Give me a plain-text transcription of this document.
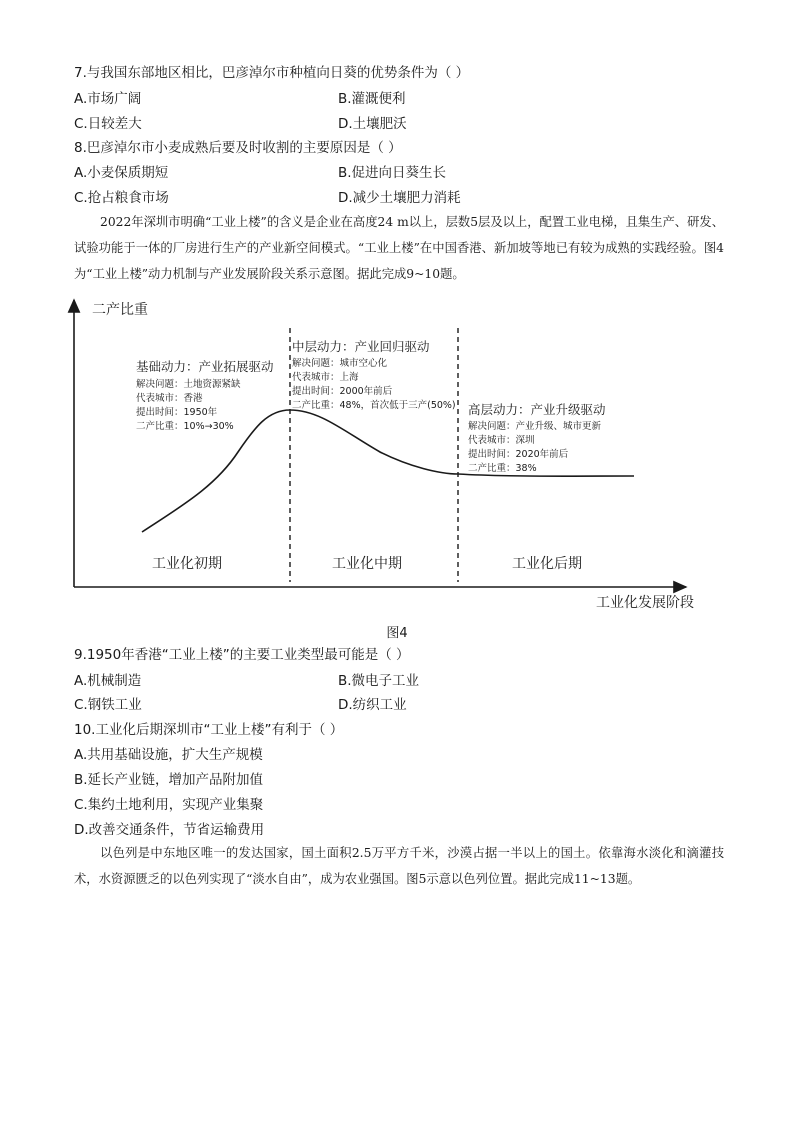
7.与我国东部地区相比，巴彦淖尔市种植向日葵的优势条件为（ ）
A.市场广阔	B.灌溉便利
C.日较差大	D.土壤肥沃
8.巴彦淖尔市小麦成熟后要及时收割的主要原因是（ ）
A.小麦保质期短	B.促进向日葵生长
C.抢占粮食市场	D.减少土壤肥力消耗
2022年深圳市明确“工业上楼”的含义是企业在高度24 m以上，层数5层及以上，配置工业电梯，且集生产、研发、试验功能于一体的厂房进行生产的产业新空间模式。“工业上楼”在中国香港、新加坡等地已有较为成熟的实践经验。图4为“工业上楼”动力机制与产业发展阶段关系示意图。据此完成9~10题。
二产比重
工业化发展阶段
基础动力：产业拓展驱动
解决问题：土地资源紧缺
代表城市：香港
提出时间：1950年
二产比重：10%→30%
中层动力：产业回归驱动
解决问题：城市空心化
代表城市：上海
提出时间：2000年前后
二产比重：48%，首次低于三产(50%) 高层动力：产业升级驱动
解决问题：产业升级、城市更新
代表城市：深圳
提出时间：2020年前后
二产比重：38%
工业化初期	工业化中期	工业化后期
图4
9.1950年香港“工业上楼”的主要工业类型最可能是（ ）
A.机械制造	B.微电子工业
C.钢铁工业	D.纺织工业
10.工业化后期深圳市“工业上楼”有利于（ ）
A.共用基础设施，扩大生产规模
B.延长产业链，增加产品附加值
C.集约土地利用，实现产业集聚
D.改善交通条件，节省运输费用
以色列是中东地区唯一的发达国家，国土面积2.5万平方千米，沙漠占据一半以上的国土。依靠海水淡化和滴灌技术，水资源匮乏的以色列实现了“淡水自由”，成为农业强国。图5示意以色列位置。据此完成11~13题。
